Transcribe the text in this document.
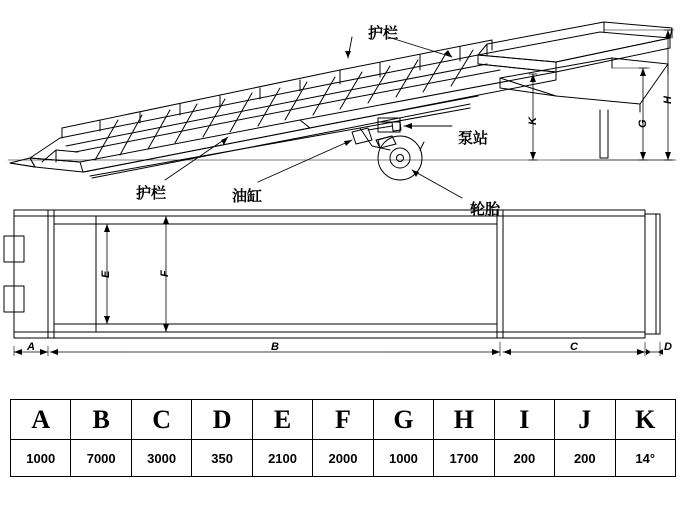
护栏
泵站
护栏	油缸
轮胎
H
G
K
E	F
A	B	C	D
A	B	C	D	E	F	G	H	I	J	K
1000	7000	3000	350	2100	2000	1000	1700	200	200	14°
